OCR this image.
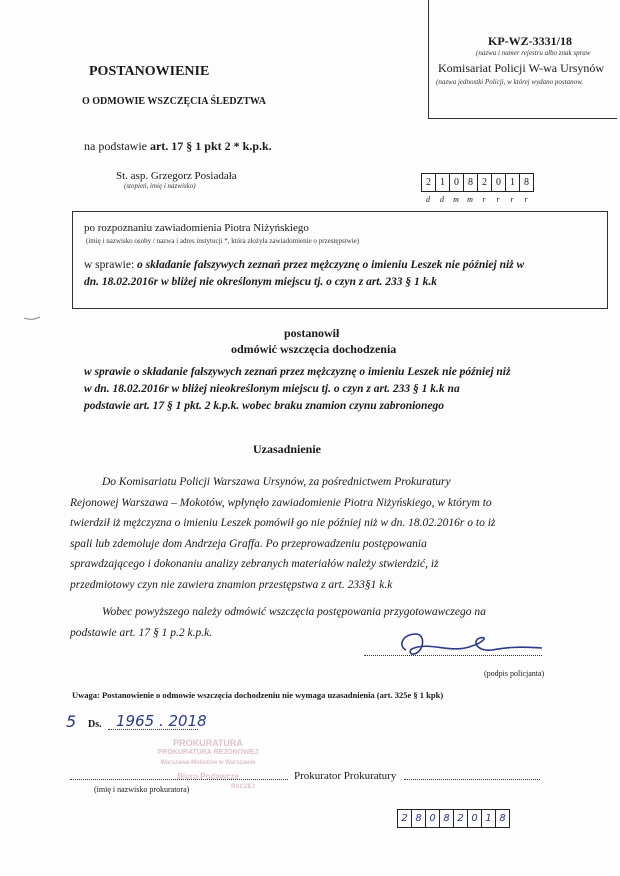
KP-WZ-3331/18
(nazwa i numer rejestru albo znak spraw
Komisariat Policji W-wa Ursynów
(nazwa jednostki Policji, w której wydano postanow.
POSTANOWIENIE
O ODMOWIE WSZCZĘCIA ŚLEDZTWA
na podstawie art. 17 § 1 pkt 2 * k.p.k.
St. asp. Grzegorz Posiadała
(stopień, imię i nazwisko)	2 1 0 8 2 0 1 8
d	d	m	m	r	r	r	r
po rozpoznaniu zawiadomienia Piotra Niżyńskiego
(imię i nazwisko osoby / nazwa i adres instytucji *, która złożyła zawiadomienie o przestępstwie)
w sprawie: o składanie fałszywych zeznań przez mężczyznę o imieniu Leszek nie później niż w
dn. 18.02.2016r w bliżej nie określonym miejscu tj. o czyn z art. 233 § 1 k.k
postanowił
odmówić wszczęcia dochodzenia
w sprawie o składanie fałszywych zeznań przez mężczyznę o imieniu Leszek nie później niż
w dn. 18.02.2016r w bliżej nieokreślonym miejscu tj. o czyn z art. 233 § 1 k.k na
podstawie art. 17 § 1 pkt. 2 k.p.k. wobec braku znamion czynu zabronionego
Uzasadnienie
Do Komisariatu Policji Warszawa Ursynów, za pośrednictwem Prokuratury
Rejonowej Warszawa – Mokotów, wpłynęło zawiadomienie Piotra Niżyńskiego, w którym to
twierdził iż mężczyzna o imieniu Leszek pomówił go nie później niż w dn. 18.02.2016r o to iż
spali lub zdemoluje dom Andrzeja Graffa. Po przeprowadzeniu postępowania
sprawdzającego i dokonaniu analizy zebranych materiałów należy stwierdzić, iż
przedmiotowy czyn nie zawiera znamion przestępstwa z art. 233§1 k.k
Wobec powyższego należy odmówić wszczęcia postępowania przygotowawczego na
podstawie art. 17 § 1 p.2 k.p.k.
(podpis policjanta)
Uwaga: Postanowienie o odmowie wszczęcia dochodzeniu nie wymaga uzasadnienia (art. 325e § 1 kpk)
5 Ds. 1965 . 2018
PROKURATURA
PROKURATURA REJONOWEJ
Warszawa-Mokotów w Warszawie
Biuro Podawcze
RACZEJ
Prokurator Prokuratury
(imię i nazwisko prokuratora)
2 8 0 8 2 0 1 8
